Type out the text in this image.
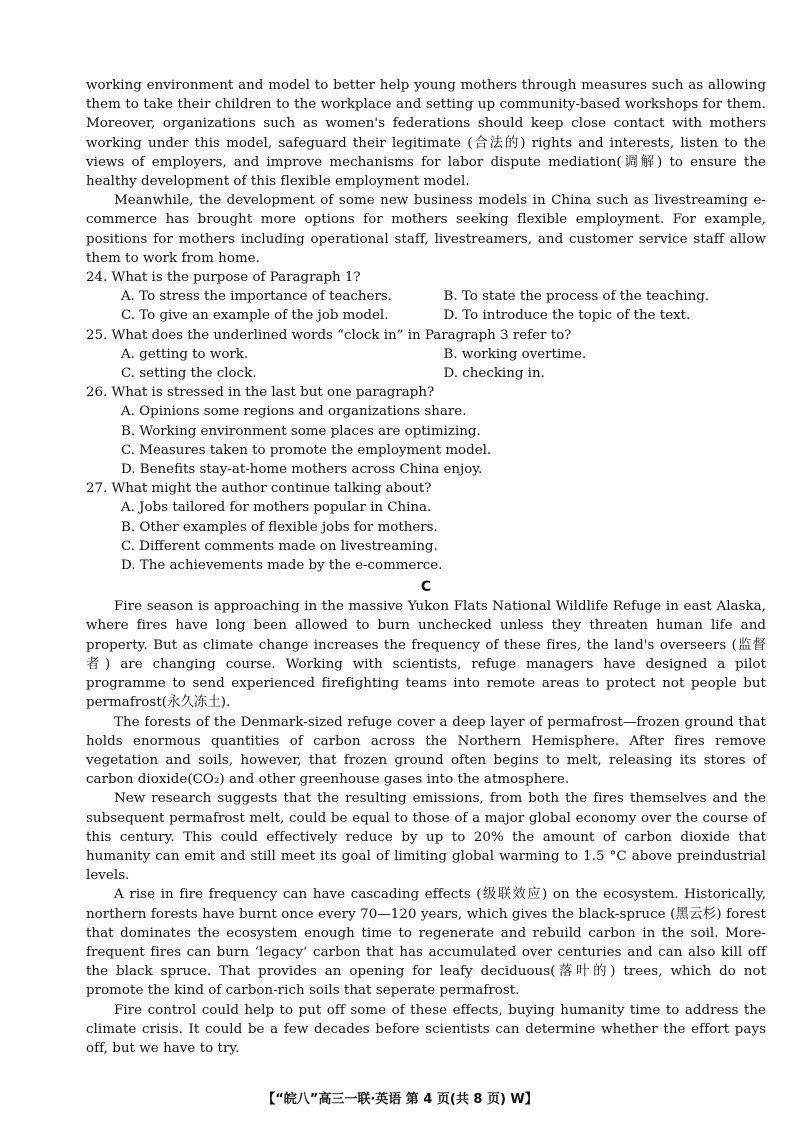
working environment and model to better help young mothers through measures such as allowing them to take their children to the workplace and setting up community-based workshops for them. Moreover, organizations such as women's federations should keep close contact with mothers working under this model, safeguard their legitimate (合法的) rights and interests, listen to the views of employers, and improve mechanisms for labor dispute mediation(调解) to ensure the healthy development of this flexible employment model.

Meanwhile, the development of some new business models in China such as livestreaming e-commerce has brought more options for mothers seeking flexible employment. For example, positions for mothers including operational staff, livestreamers, and customer service staff allow them to work from home.

24. What is the purpose of Paragraph 1?
A. To stress the importance of teachers.	B. To state the process of the teaching.
C. To give an example of the job model.	D. To introduce the topic of the text.
25. What does the underlined words “clock in” in Paragraph 3 refer to?
A. getting to work.	B. working overtime.
C. setting the clock.	D. checking in.
26. What is stressed in the last but one paragraph?
A. Opinions some regions and organizations share.
B. Working environment some places are optimizing.
C. Measures taken to promote the employment model.
D. Benefits stay-at-home mothers across China enjoy.
27. What might the author continue talking about?
A. Jobs tailored for mothers popular in China.
B. Other examples of flexible jobs for mothers.
C. Different comments made on livestreaming.
D. The achievements made by the e-commerce.
C

Fire season is approaching in the massive Yukon Flats National Wildlife Refuge in east Alaska, where fires have long been allowed to burn unchecked unless they threaten human life and property. But as climate change increases the frequency of these fires, the land's overseers (监督者) are changing course. Working with scientists, refuge managers have designed a pilot programme to send experienced firefighting teams into remote areas to protect not people but permafrost(永久冻土).

The forests of the Denmark-sized refuge cover a deep layer of permafrost—frozen ground that holds enormous quantities of carbon across the Northern Hemisphere. After fires remove vegetation and soils, however, that frozen ground often begins to melt, releasing its stores of carbon dioxide(CO₂) and other greenhouse gases into the atmosphere.

New research suggests that the resulting emissions, from both the fires themselves and the subsequent permafrost melt, could be equal to those of a major global economy over the course of this century. This could effectively reduce by up to 20% the amount of carbon dioxide that humanity can emit and still meet its goal of limiting global warming to 1.5 °C above preindustrial levels.

A rise in fire frequency can have cascading effects (级联效应) on the ecosystem. Historically, northern forests have burnt once every 70—120 years, which gives the black-spruce (黑云杉) forest that dominates the ecosystem enough time to regenerate and rebuild carbon in the soil. More-frequent fires can burn ‘legacy’ carbon that has accumulated over centuries and can also kill off the black spruce. That provides an opening for leafy deciduous(落叶的) trees, which do not promote the kind of carbon-rich soils that seperate permafrost.

Fire control could help to put off some of these effects, buying humanity time to address the climate crisis. It could be a few decades before scientists can determine whether the effort pays off, but we have to try.

【“皖八”高三一联·英语 第 4 页(共 8 页) W】
